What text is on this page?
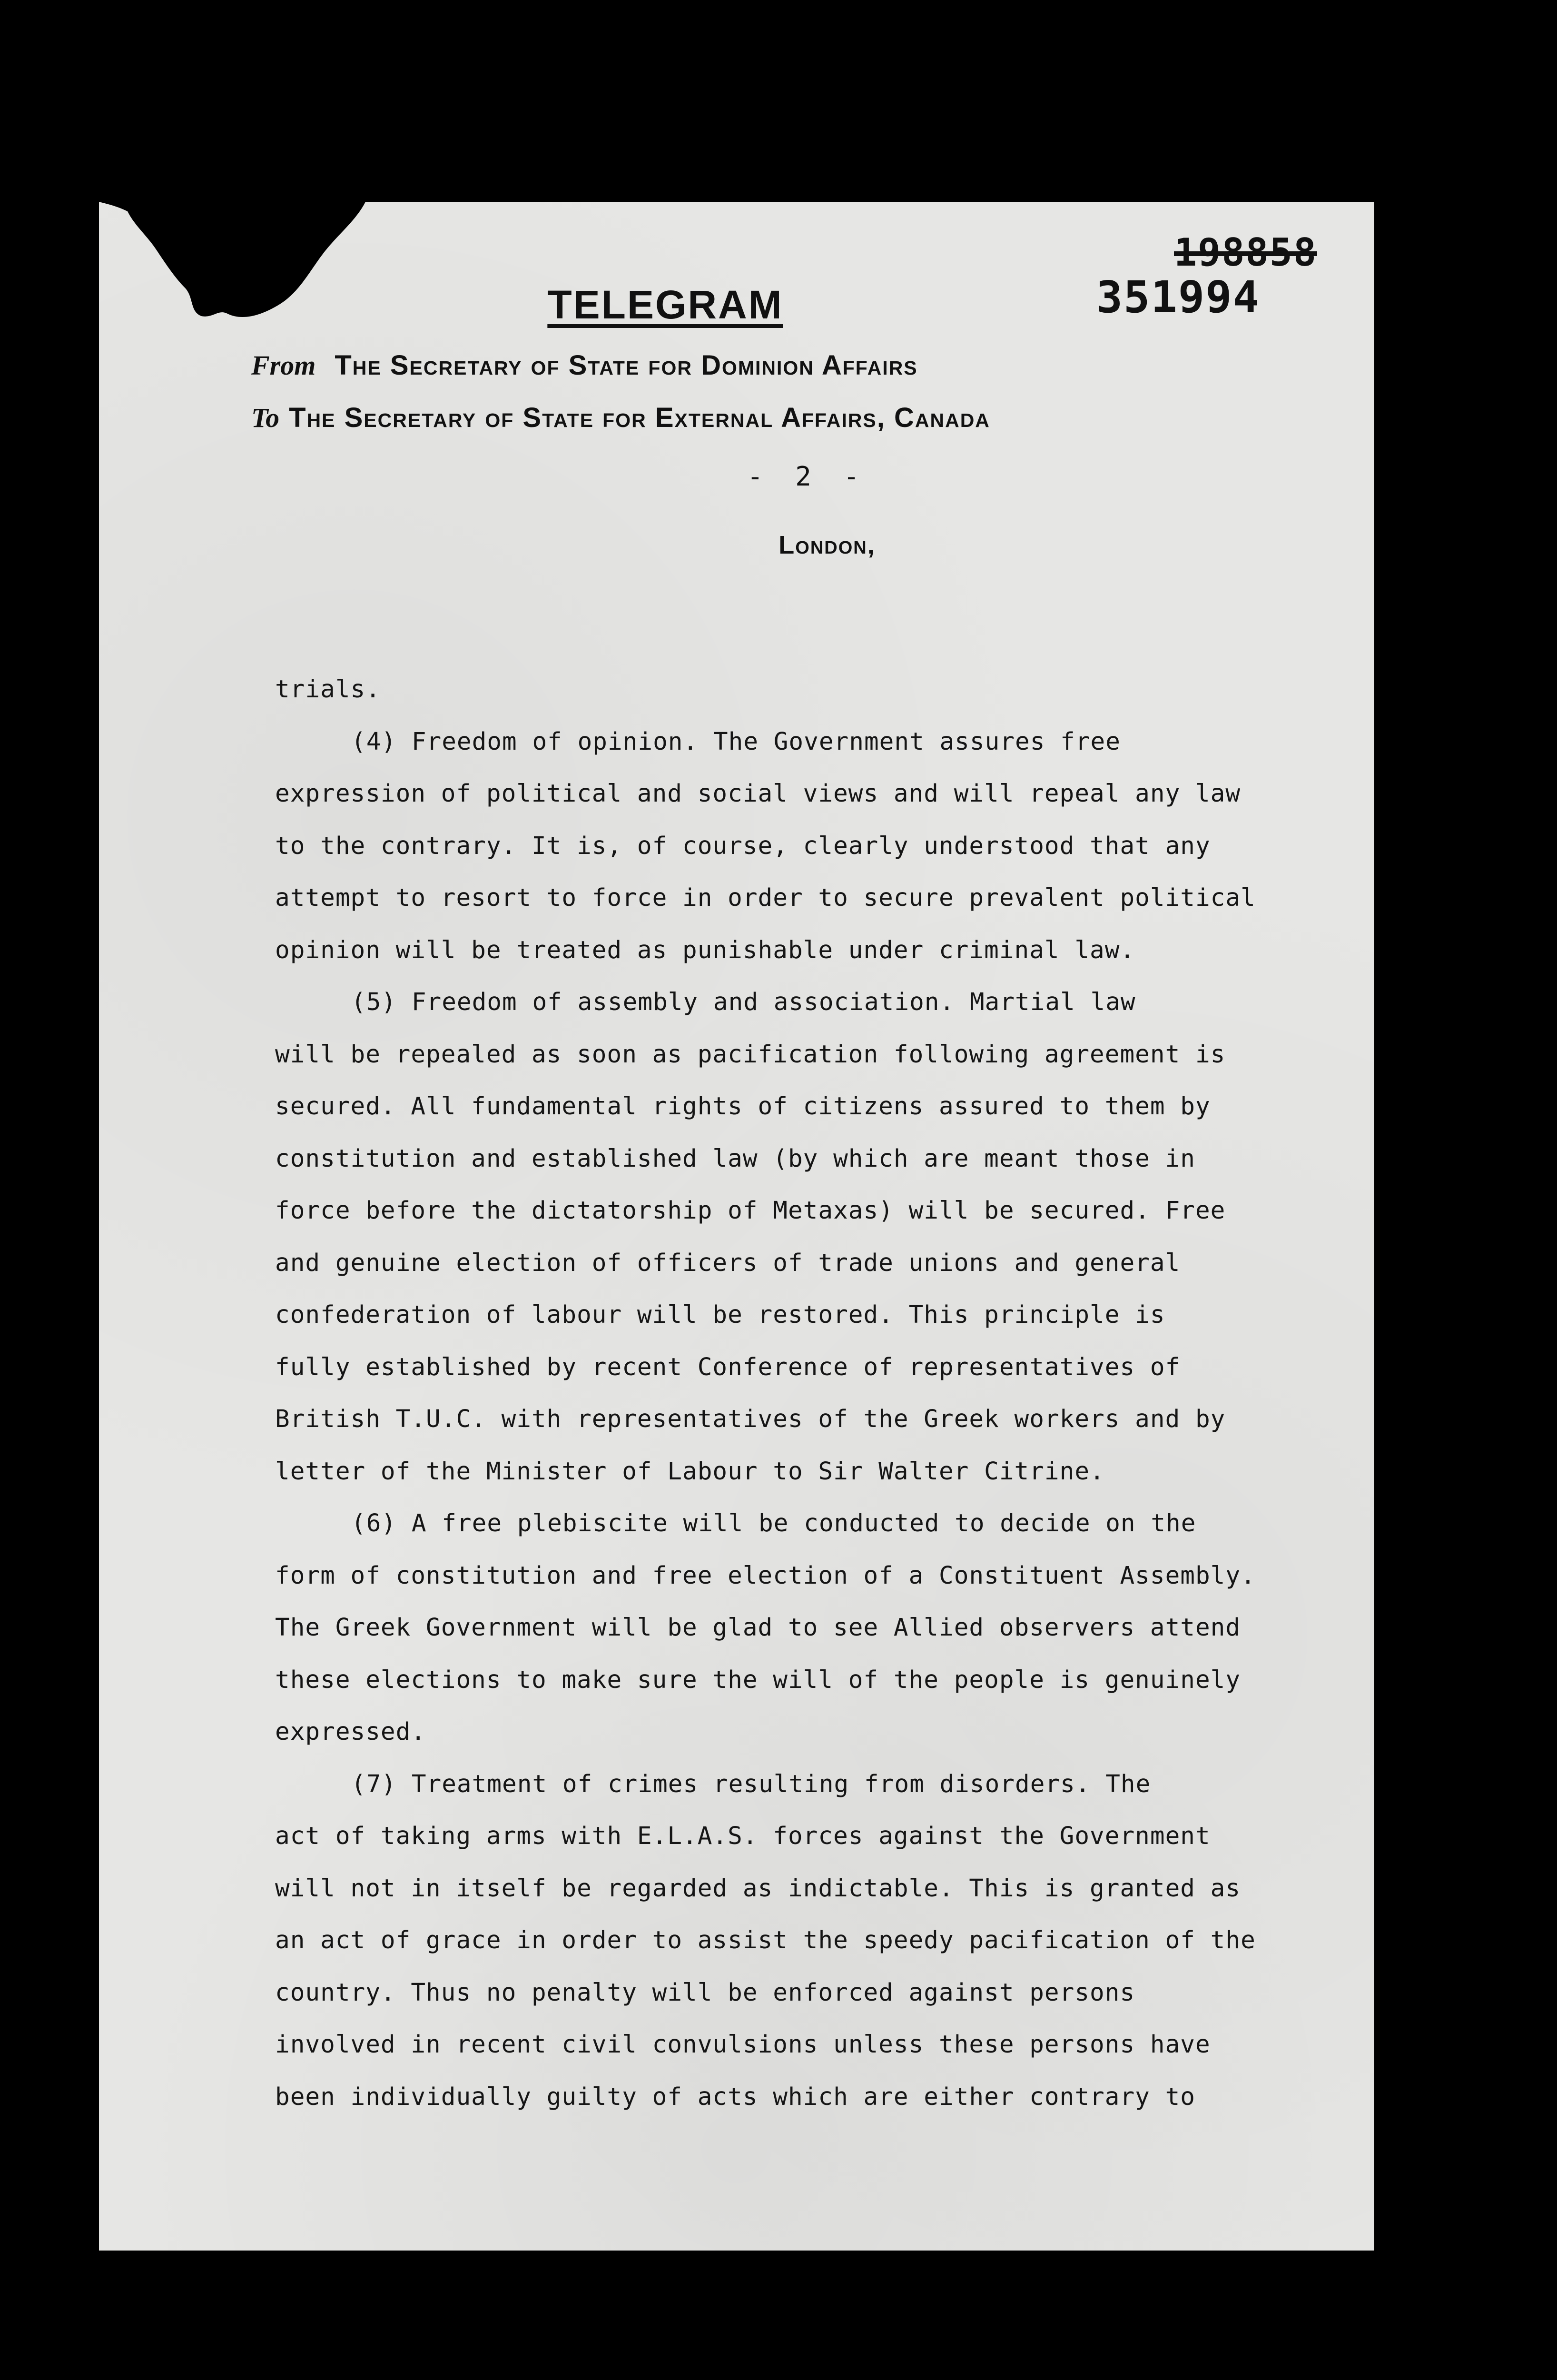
198858
351994
TELEGRAM
From The Secretary of State for Dominion Affairs
To The Secretary of State for External Affairs, Canada
-  2  -
London,

trials.

(4) Freedom of opinion. The Government assures free

expression of political and social views and will repeal any law

to the contrary. It is, of course, clearly understood that any

attempt to resort to force in order to secure prevalent political

opinion will be treated as punishable under criminal law.

(5) Freedom of assembly and association. Martial law

will be repealed as soon as pacification following agreement is

secured. All fundamental rights of citizens assured to them by

constitution and established law (by which are meant those in

force before the dictatorship of Metaxas) will be secured. Free

and genuine election of officers of trade unions and general

confederation of labour will be restored. This principle is

fully established by recent Conference of representatives of

British T.U.C. with representatives of the Greek workers and by

letter of the Minister of Labour to Sir Walter Citrine.

(6) A free plebiscite will be conducted to decide on the

form of constitution and free election of a Constituent Assembly.

The Greek Government will be glad to see Allied observers attend

these elections to make sure the will of the people is genuinely

expressed.

(7) Treatment of crimes resulting from disorders. The

act of taking arms with E.L.A.S. forces against the Government

will not in itself be regarded as indictable. This is granted as

an act of grace in order to assist the speedy pacification of the

country. Thus no penalty will be enforced against persons

involved in recent civil convulsions unless these persons have

been individually guilty of acts which are either contrary to
